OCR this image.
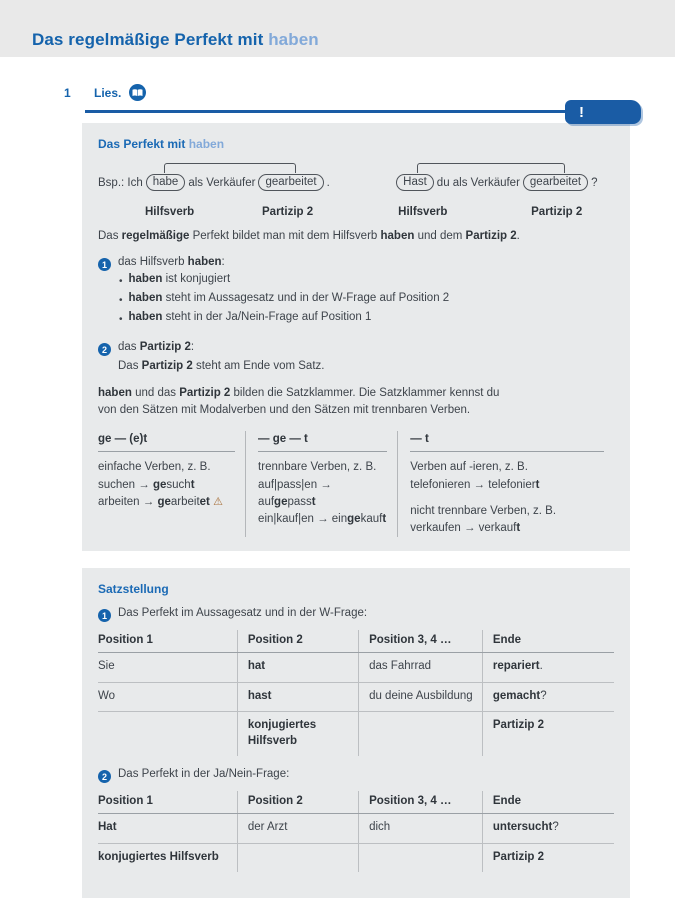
Das regelmäßige Perfekt mit haben
1	Lies.
!
Das Perfekt mit haben
Bsp.: Ich habe als Verkäufer gearbeitet .
Hilfsverb	Partizip 2
Hast du als Verkäufer gearbeitet ?
Hilfsverb	Partizip 2

Das regelmäßige Perfekt bildet man mit dem Hilfsverb haben und dem Partizip 2.

1 das Hilfsverb haben:
• haben ist konjugiert
• haben steht im Aussagesatz und in der W-Frage auf Position 2
• haben steht in der Ja/Nein-Frage auf Position 1
2 das Partizip 2:
Das Partizip 2 steht am Ende vom Satz.
haben und das Partizip 2 bilden die Satzklammer. Die Satzklammer kennst du
von den Sätzen mit Modalverben und den Sätzen mit trennbaren Verben.
ge — (e)t
einfache Verben, z. B.
suchen → gesucht
arbeiten → gearbeitet ⚠
— ge — t
trennbare Verben, z. B.
auf|pass|en → aufgepasst
ein|kauf|en → eingekauft
— t
Verben auf -ieren, z. B.
telefonieren → telefoniert
nicht trennbare Verben, z. B.
verkaufen → verkauft
Satzstellung
1 Das Perfekt im Aussagesatz und in der W-Frage:
Position 1	Position 2	Position 3, 4 …	Ende
Sie	hat	das Fahrrad	repariert.
Wo	hast	du deine Ausbildung	gemacht?
	konjugiertes Hilfsverb		Partizip 2
2 Das Perfekt in der Ja/Nein-Frage:
Position 1	Position 2	Position 3, 4 …	Ende
Hat	der Arzt	dich	untersucht?
konjugiertes Hilfsverb			Partizip 2
